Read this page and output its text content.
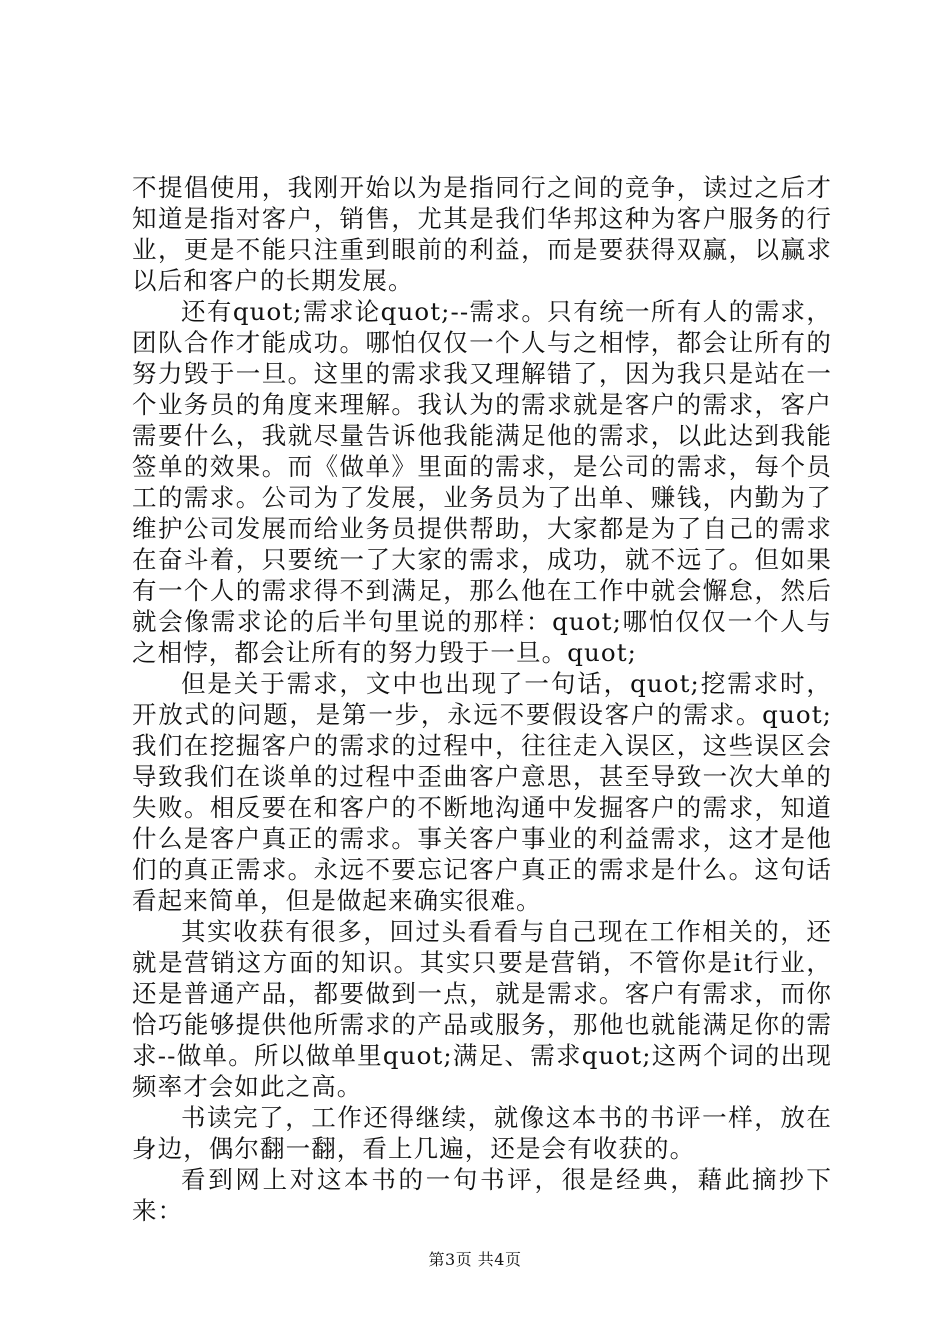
不提倡使用，我刚开始以为是指同行之间的竞争，读过之后才知道是指对客户，销售，尤其是我们华邦这种为客户服务的行业，更是不能只注重到眼前的利益，而是要获得双赢，以赢求以后和客户的长期发展。

还有quot;需求论quot;--需求。只有统一所有人的需求，团队合作才能成功。哪怕仅仅一个人与之相悖，都会让所有的努力毁于一旦。这里的需求我又理解错了，因为我只是站在一个业务员的角度来理解。我认为的需求就是客户的需求，客户需要什么，我就尽量告诉他我能满足他的需求，以此达到我能签单的效果。而《做单》里面的需求，是公司的需求，每个员工的需求。公司为了发展，业务员为了出单、赚钱，内勤为了维护公司发展而给业务员提供帮助，大家都是为了自己的需求在奋斗着，只要统一了大家的需求，成功，就不远了。但如果有一个人的需求得不到满足，那么他在工作中就会懈怠，然后就会像需求论的后半句里说的那样：quot;哪怕仅仅一个人与之相悖，都会让所有的努力毁于一旦。quot;

但是关于需求，文中也出现了一句话，quot;挖需求时，开放式的问题，是第一步，永远不要假设客户的需求。quot;我们在挖掘客户的需求的过程中，往往走入误区，这些误区会导致我们在谈单的过程中歪曲客户意思，甚至导致一次大单的失败。相反要在和客户的不断地沟通中发掘客户的需求，知道什么是客户真正的需求。事关客户事业的利益需求，这才是他们的真正需求。永远不要忘记客户真正的需求是什么。这句话看起来简单，但是做起来确实很难。

其实收获有很多，回过头看看与自己现在工作相关的，还就是营销这方面的知识。其实只要是营销，不管你是it行业，还是普通产品，都要做到一点，就是需求。客户有需求，而你恰巧能够提供他所需求的产品或服务，那他也就能满足你的需求--做单。所以做单里quot;满足、需求quot;这两个词的出现频率才会如此之高。

书读完了，工作还得继续，就像这本书的书评一样，放在身边，偶尔翻一翻，看上几遍，还是会有收获的。

看到网上对这本书的一句书评，很是经典，藉此摘抄下来：

第3页 共4页
